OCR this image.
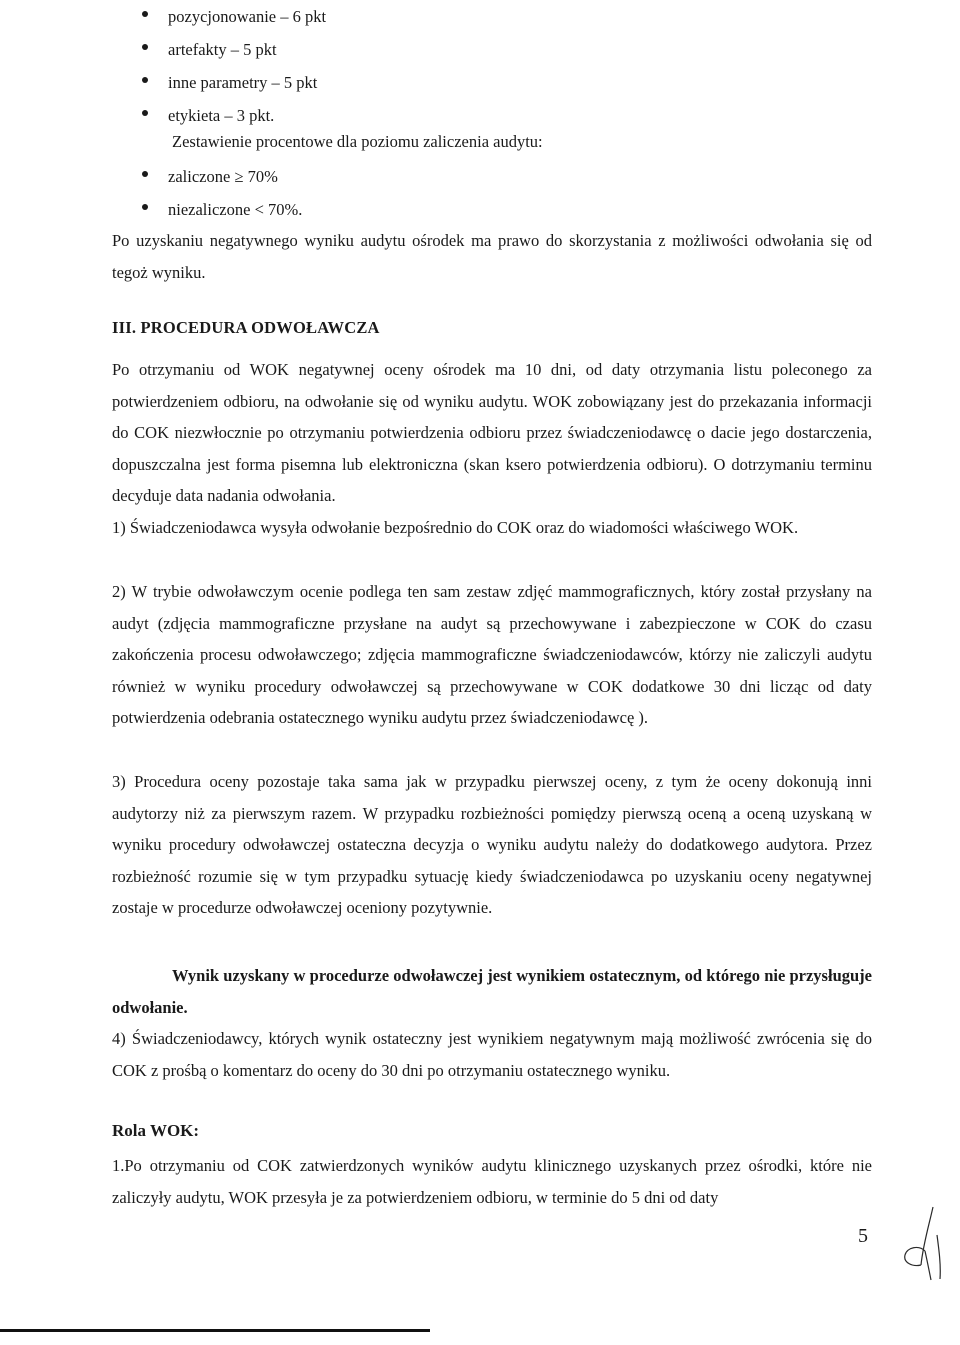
pozycjonowanie – 6 pkt
artefakty – 5 pkt
inne parametry – 5 pkt
etykieta – 3 pkt.
Zestawienie procentowe dla poziomu zaliczenia audytu:
zaliczone ≥ 70%
niezaliczone < 70%.
Po uzyskaniu negatywnego wyniku audytu ośrodek ma prawo do skorzystania z możliwości odwołania się od tegoż wyniku.
III. PROCEDURA ODWOŁAWCZA
Po otrzymaniu od WOK negatywnej oceny ośrodek ma 10 dni, od daty otrzymania listu poleconego za potwierdzeniem odbioru, na odwołanie się od wyniku audytu. WOK zobowiązany jest do przekazania informacji do COK niezwłocznie po otrzymaniu potwierdzenia odbioru przez świadczeniodawcę o dacie jego dostarczenia, dopuszczalna jest forma pisemna lub elektroniczna (skan ksero potwierdzenia odbioru). O dotrzymaniu terminu decyduje data nadania odwołania.
1) Świadczeniodawca wysyła odwołanie bezpośrednio do COK oraz do wiadomości właściwego WOK.
2) W trybie odwoławczym ocenie podlega ten sam zestaw zdjęć mammograficznych, który został przysłany na audyt (zdjęcia mammograficzne przysłane na audyt są przechowywane i zabezpieczone w COK do czasu zakończenia procesu odwoławczego; zdjęcia mammograficzne świadczeniodawców, którzy nie zaliczyli audytu również w wyniku procedury odwoławczej są przechowywane w COK dodatkowe 30 dni licząc od daty potwierdzenia odebrania ostatecznego wyniku audytu przez świadczeniodawcę ).
3) Procedura oceny pozostaje taka sama jak w przypadku pierwszej oceny, z tym że oceny dokonują inni audytorzy niż za pierwszym razem. W przypadku rozbieżności pomiędzy pierwszą oceną a oceną uzyskaną w wyniku procedury odwoławczej ostateczna decyzja o wyniku audytu należy do dodatkowego audytora. Przez rozbieżność rozumie się w tym przypadku sytuację kiedy świadczeniodawca po uzyskaniu oceny negatywnej zostaje w procedurze odwoławczej oceniony pozytywnie.
Wynik uzyskany w procedurze odwoławczej jest wynikiem ostatecznym, od którego nie przysługuje odwołanie.
4) Świadczeniodawcy, których wynik ostateczny jest wynikiem negatywnym mają możliwość zwrócenia się do COK z prośbą o komentarz do oceny do 30 dni po otrzymaniu ostatecznego wyniku.
Rola WOK:
1.Po otrzymaniu od COK zatwierdzonych wyników audytu klinicznego uzyskanych przez ośrodki, które nie zaliczyły audytu, WOK przesyła je za potwierdzeniem odbioru, w terminie do 5 dni od daty
5
